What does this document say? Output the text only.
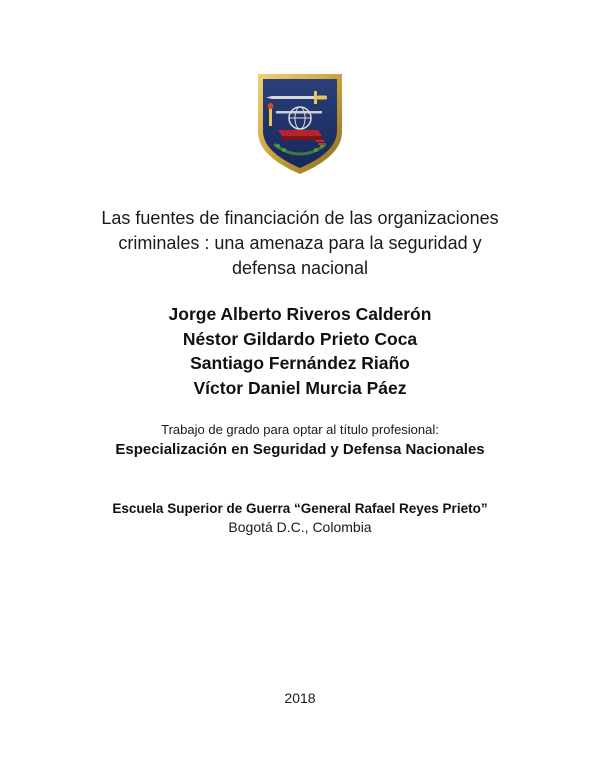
Las fuentes de financiación de las organizaciones
criminales : una amenaza para la seguridad y
defensa nacional
Jorge Alberto Riveros Calderón
Néstor Gildardo Prieto Coca
Santiago Fernández Riaño
Víctor Daniel Murcia Páez
Trabajo de grado para optar al título profesional:
Especialización en Seguridad y Defensa Nacionales
Escuela Superior de Guerra “General Rafael Reyes Prieto”
Bogotá D.C., Colombia
2018
